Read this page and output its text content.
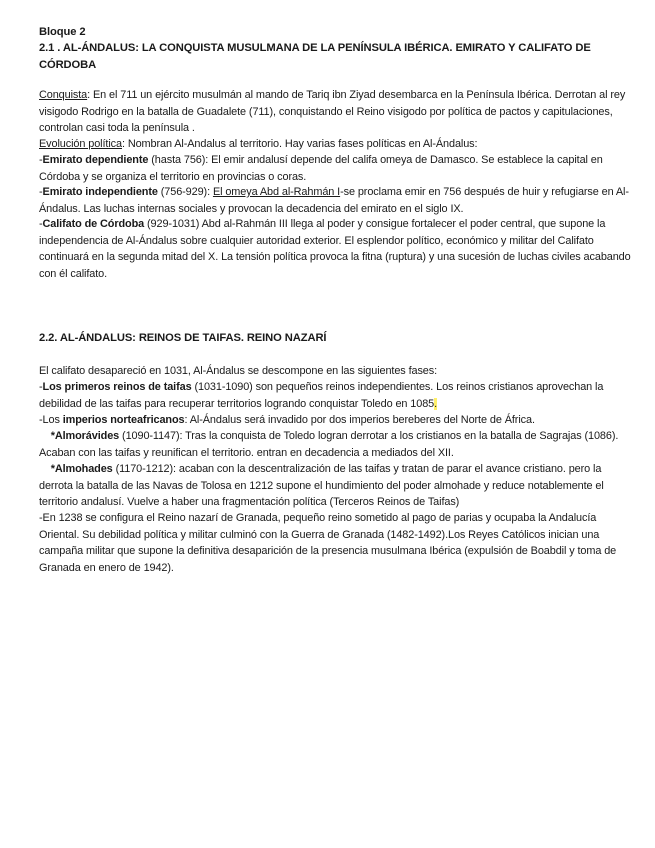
Bloque 2

2.1 . AL-ÁNDALUS: LA CONQUISTA MUSULMANA DE LA PENÍNSULA IBÉRICA. EMIRATO Y CALIFATO DE CÓRDOBA

Conquista: En el 711 un ejército musulmán al mando de Tariq ibn Ziyad desembarca en la Península Ibérica. Derrotan al rey visigodo Rodrigo en la batalla de Guadalete (711), conquistando el Reino visigodo por política de pactos y capitulaciones, controlan casi toda la península .

Evolución política: Nombran Al-Andalus al territorio. Hay varias fases políticas en Al-Ándalus:

-Emirato dependiente (hasta 756): El emir andalusí depende del califa omeya de Damasco. Se establece la capital en Córdoba y se organiza el territorio en provincias o coras.

-Emirato independiente (756-929): El omeya Abd al-Rahmán I-se proclama emir en 756 después de huir y refugiarse en Al-Ándalus. Las luchas internas sociales y provocan la decadencia del emirato en el siglo IX.

-Califato de Córdoba (929-1031) Abd al-Rahmán III llega al poder y consigue fortalecer el poder central, que supone la independencia de Al-Ándalus sobre cualquier autoridad exterior. El esplendor político, económico y militar del Califato continuará en la segunda mitad del X. La tensión política provoca la fitna (ruptura) y una sucesión de luchas civiles acabando con él califato.

2.2. AL-ÁNDALUS: REINOS DE TAIFAS. REINO NAZARÍ

El califato desapareció en 1031, Al-Ándalus se descompone en las siguientes fases:

-Los primeros reinos de taifas (1031-1090) son pequeños reinos independientes. Los reinos cristianos aprovechan la debilidad de las taifas para recuperar territorios logrando conquistar Toledo en 1085.

-Los imperios norteafricanos: Al-Ándalus será invadido por dos imperios bereberes del Norte de África.

*Almorávides (1090-1147): Tras la conquista de Toledo logran derrotar a los cristianos en la batalla de Sagrajas (1086). Acaban con las taifas y reunifican el territorio. entran en decadencia a mediados del XII.

*Almohades (1170-1212): acaban con la descentralización de las taifas y tratan de parar el avance cristiano. pero la derrota la batalla de las Navas de Tolosa en 1212 supone el hundimiento del poder almohade y reduce notablemente el territorio andalusí. Vuelve a haber una fragmentación política (Terceros Reinos de Taifas)

-En 1238 se configura el Reino nazarí de Granada, pequeño reino sometido al pago de parias y ocupaba la Andalucía Oriental. Su debilidad política y militar culminó con la Guerra de Granada (1482-1492).Los Reyes Católicos inician una campaña militar que supone la definitiva desaparición de la presencia musulmana Ibérica (expulsión de Boabdil y toma de Granada en enero de 1942).
